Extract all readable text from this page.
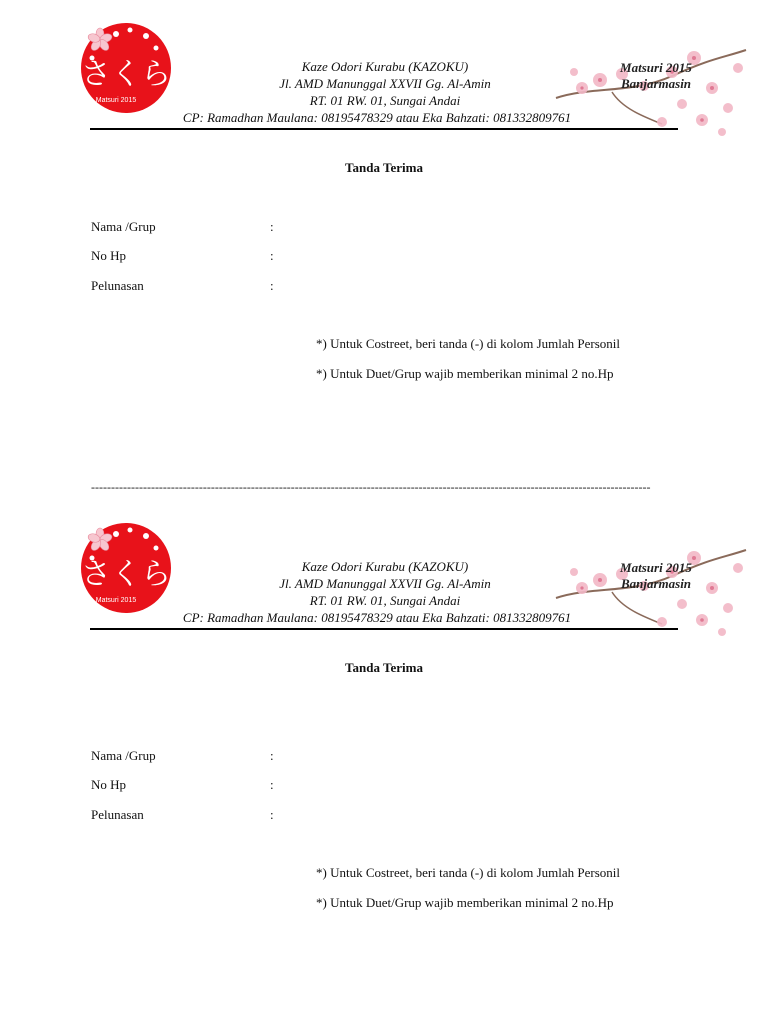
さくら
Matsuri 2015
Kaze Odori Kurabu (KAZOKU)
Jl. AMD Manunggal XXVII Gg. Al-Amin
RT. 01 RW. 01, Sungai Andai
CP: Ramadhan Maulana: 08195478329 atau Eka Bahzati: 081332809761
Matsuri 2015
Banjarmasin
Tanda Terima
Nama /Grup	:
No Hp	:
Pelunasan	:
*) Untuk Costreet, beri tanda (-) di kolom Jumlah Personil
*) Untuk Duet/Grup wajib memberikan minimal 2 no.Hp
--------------------------------------------------------------------------------------------------------------------------------------------
さくら
Matsuri 2015
Kaze Odori Kurabu (KAZOKU)
Jl. AMD Manunggal XXVII Gg. Al-Amin
RT. 01 RW. 01, Sungai Andai
CP: Ramadhan Maulana: 08195478329 atau Eka Bahzati: 081332809761
Matsuri 2015
Banjarmasin
Tanda Terima
Nama /Grup	:
No Hp	:
Pelunasan	:
*) Untuk Costreet, beri tanda (-) di kolom Jumlah Personil
*) Untuk Duet/Grup wajib memberikan minimal 2 no.Hp
